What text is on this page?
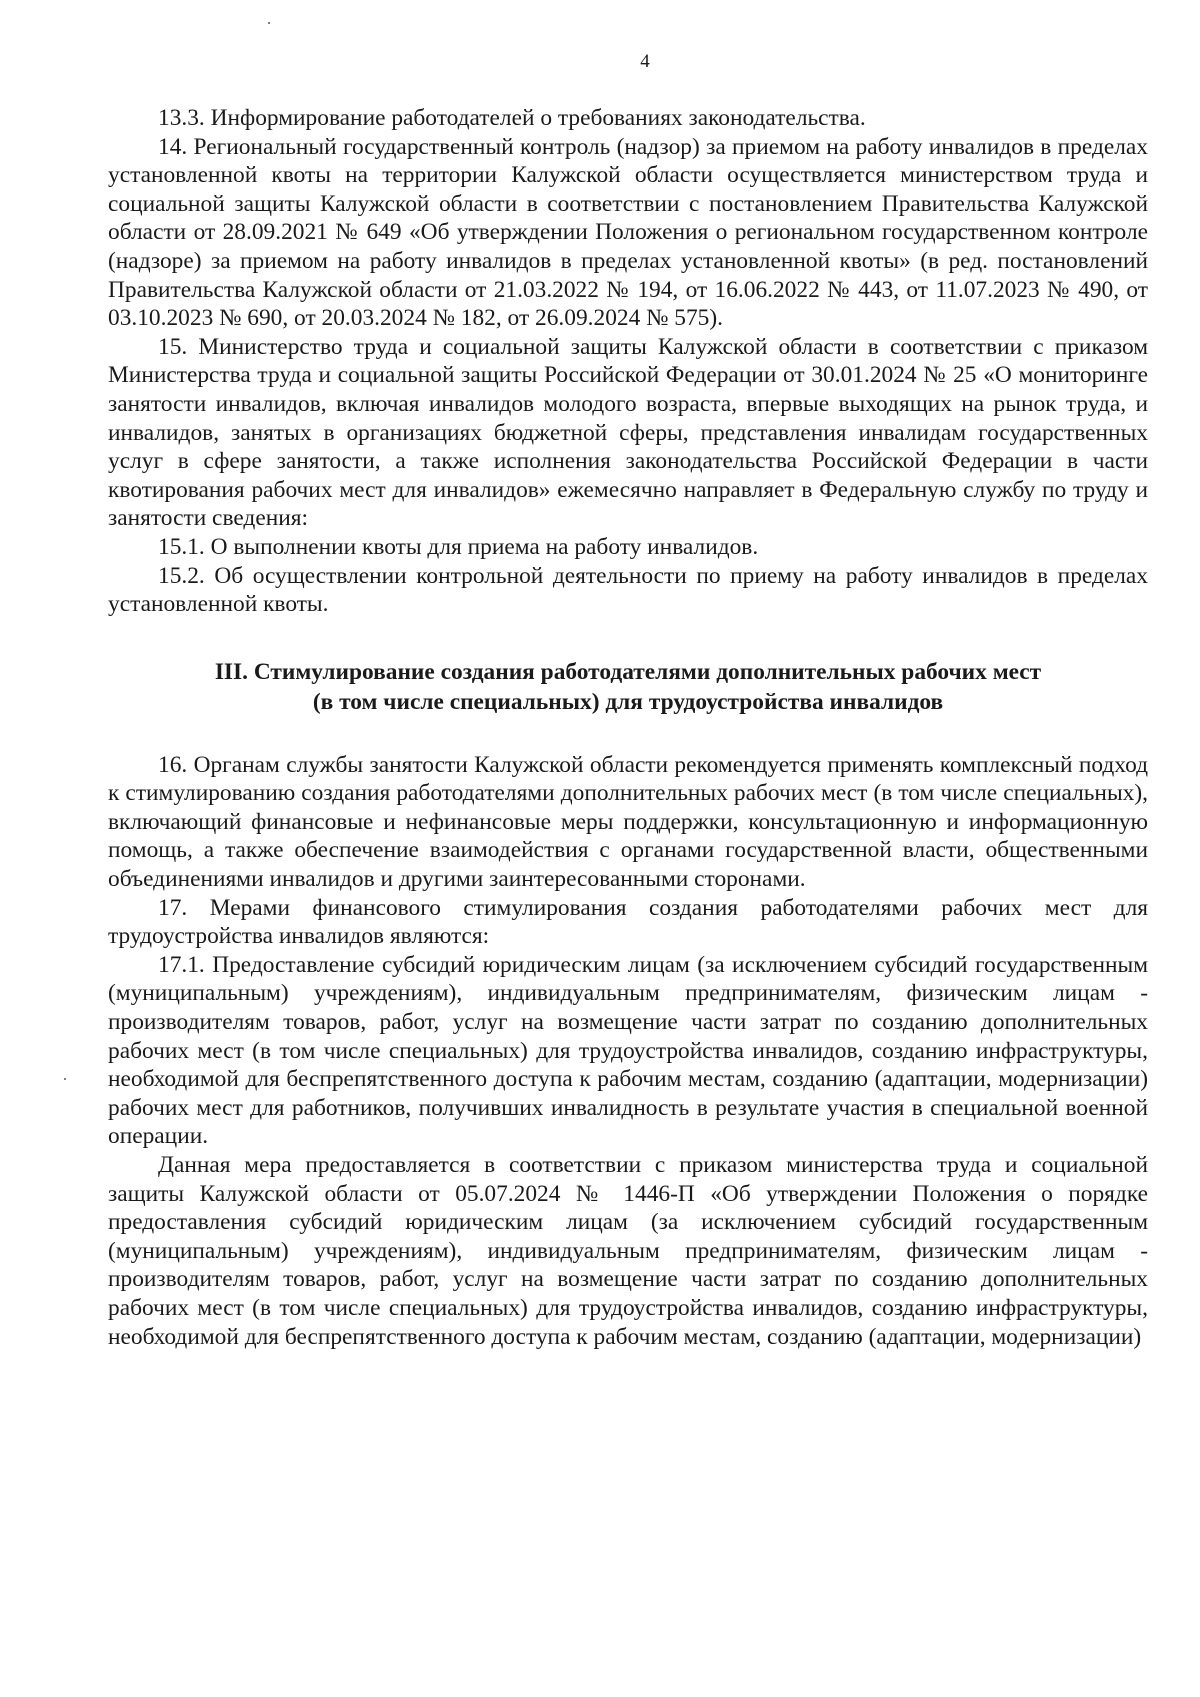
4

13.3. Информирование работодателей о требованиях законодательства.

14. Региональный государственный контроль (надзор) за приемом на работу инвалидов в пределах установленной квоты на территории Калужской области осуществляется министерством труда и социальной защиты Калужской области в соответствии с постановлением Правительства Калужской области от 28.09.2021 № 649 «Об утверждении Положения о региональном государственном контроле (надзоре) за приемом на работу инвалидов в пределах установленной квоты» (в ред. постановлений Правительства Калужской области от 21.03.2022 № 194, от 16.06.2022 № 443, от 11.07.2023 № 490, от 03.10.2023 № 690, от 20.03.2024 № 182, от 26.09.2024 № 575).

15. Министерство труда и социальной защиты Калужской области в соответствии с приказом Министерства труда и социальной защиты Российской Федерации от 30.01.2024 № 25 «О мониторинге занятости инвалидов, включая инвалидов молодого возраста, впервые выходящих на рынок труда, и инвалидов, занятых в организациях бюджетной сферы, представления инвалидам государственных услуг в сфере занятости, а также исполнения законодательства Российской Федерации в части квотирования рабочих мест для инвалидов» ежемесячно направляет в Федеральную службу по труду и занятости сведения:

15.1. О выполнении квоты для приема на работу инвалидов.

15.2. Об осуществлении контрольной деятельности по приему на работу инвалидов в пределах установленной квоты.

III. Стимулирование создания работодателями дополнительных рабочих мест

(в том числе специальных) для трудоустройства инвалидов

16. Органам службы занятости Калужской области рекомендуется применять комплексный подход к стимулированию создания работодателями дополнительных рабочих мест (в том числе специальных), включающий финансовые и нефинансовые меры поддержки, консультационную и информационную помощь, а также обеспечение взаимодействия с органами государственной власти, общественными объединениями инвалидов и другими заинтересованными сторонами.

17. Мерами финансового стимулирования создания работодателями рабочих мест для трудоустройства инвалидов являются:

17.1. Предоставление субсидий юридическим лицам (за исключением субсидий государственным (муниципальным) учреждениям), индивидуальным предпринимателям, физическим лицам - производителям товаров, работ, услуг на возмещение части затрат по созданию дополнительных рабочих мест (в том числе специальных) для трудоустройства инвалидов, созданию инфраструктуры, необходимой для беспрепятственного доступа к рабочим местам, созданию (адаптации, модернизации) рабочих мест для работников, получивших инвалидность в результате участия в специальной военной операции.

Данная мера предоставляется в соответствии с приказом министерства труда и социальной защиты Калужской области от 05.07.2024 № 1446-П «Об утверждении Положения о порядке предоставления субсидий юридическим лицам (за исключением субсидий государственным (муниципальным) учреждениям), индивидуальным предпринимателям, физическим лицам - производителям товаров, работ, услуг на возмещение части затрат по созданию дополнительных рабочих мест (в том числе специальных) для трудоустройства инвалидов, созданию инфраструктуры, необходимой для беспрепятственного доступа к рабочим местам, созданию (адаптации, модернизации)
